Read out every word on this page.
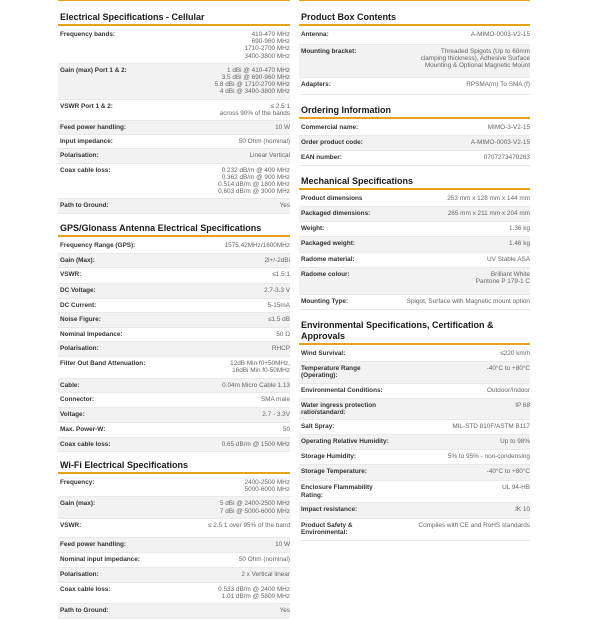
Electrical Specifications - Cellular
Frequency bands:	410-470 MHz
690-960 MHz
1710-2700 MHz
3400-3800 MHz
Gain (max) Port 1 & 2:	1 dBi @ 410-470 MHz
3.5 dBi @ 690-960 MHz
5.8 dBi @ 1710-2700 MHz
4 dBi @ 3400-3800 MHz
VSWR Port 1 & 2:	≤ 2.5:1
across 90% of the bands
Feed power handling:	10 W
Input impedance:	50 Ohm (nominal)
Polarisation:	Linear Vertical
Coax cable loss:	0.232 dB/m @ 400 MHz
0.362 dB/m @ 900 MHz
0.514 dB/m @ 1800 MHz
0.603 dB/m @ 3000 MHz
Path to Ground:	Yes
GPS/Glonass Antenna Electrical Specifications
Frequency Range (GPS):	1575.42MHz/1600MHz
Gain (Max):	2l+/-2dBi
VSWR:	≤1.5:1
DC Voltage:	2.7-3.3 V
DC Current:	5-15mA
Noise Figure:	≤1.5 dB
Nominal Impedance:	50 Ω
Polarisation:	RHCP
Filter Out Band Attenuation:	12dB Min f0+50MHz,
16dBi Min f0-50MHz
Cable:	0.04m Micro Cable 1.13
Connector:	SMA male
Voltage:	2.7 - 3.3V
Max. Power-W:	50
Coax cable loss:	0.65 dB/m @ 1500 MHz
Wi-Fi Electrical Specifications
Frequency:	2400-2500 MHz
5000-6000 MHz
Gain (max):	5 dBi @ 2400-2500 MHz
7 dBi @ 5000-6000 MHz
VSWR:	≤ 2.5:1 over 95% of the band
Feed power handling:	10 W
Nominal input impedance:	50 Ohm (nominal)
Polarisation:	2 x Vertical linear
Coax cable loss:	0.533 dB/m @ 2400 MHz
1.01 dB/m @ 5800 MHz
Path to Ground:	Yes
Product Box Contents
Antenna:	A-MIMO-0003-V2-15
Mounting bracket:	Threaded Spigots (Up to 60mm
clamping thickness), Adhesive Surface
Mounting & Optional Magnetic Mount
Adapters:	RPSMA(m) To SMA (f)
Ordering Information
Commercial name:	MIMO-3-V2-15
Order product code:	A-MIMO-0003-V2-15
EAN number:	0707273470263
Mechanical Specifications
Product dimensions	253 mm x 128 mm x 144 mm
Packaged dimensions:	265 mm x 211 mm x 204 mm
Weight:	1.36 kg
Packaged weight:	1.46 kg
Radome material:	UV Stable ASA
Radome colour:	Brilliant White
Pantone P 179-1 C
Mounting Type:	Spigot, Surface with Magnetic mount option
Environmental Specifications, Certification & Approvals
Wind Survival:	≤220 km/h
Temperature Range
(Operating):
-40°C to +80°C
Environmental Conditions:	Outdoor/Indoor
Water ingress protection
ratio/standard:
IP 68
Salt Spray:	MIL-STD 810F/ASTM B117
Operating Relative Humidity:	Up to 98%
Storage Humidity:	5% to 95% - non-condensing
Storage Temperature:	-40°C to +80°C
Enclosure Flammability
Rating:
UL 94-HB
Impact resistance:	IK 10
Product Safety &
Environmental:
Complies with CE and RoHS standards
